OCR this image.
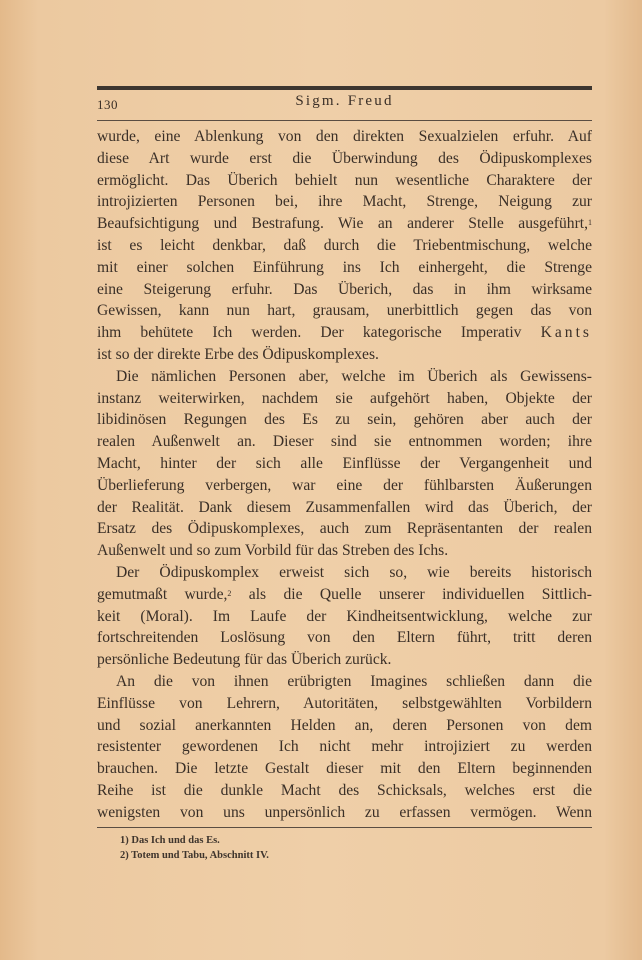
130	Sigm. Freud
wurde, eine Ablenkung von den direkten Sexualzielen erfuhr. Auf
diese Art wurde erst die Überwindung des Ödipuskomplexes
ermöglicht. Das Überich behielt nun wesentliche Charaktere der
introjizierten Personen bei, ihre Macht, Strenge, Neigung zur
Beaufsichtigung und Bestrafung. Wie an anderer Stelle ausgeführt,$^1$
ist es leicht denkbar, daß durch die Triebentmischung, welche
mit einer solchen Einführung ins Ich einhergeht, die Strenge
eine Steigerung erfuhr. Das Überich, das in ihm wirksame
Gewissen, kann nun hart, grausam, unerbittlich gegen das von
ihm behütete Ich werden. Der kategorische Imperativ Kants
ist so der direkte Erbe des Ödipuskomplexes.
Die nämlichen Personen aber, welche im Überich als Gewissens-
instanz weiterwirken, nachdem sie aufgehört haben, Objekte der
libidinösen Regungen des Es zu sein, gehören aber auch der
realen Außenwelt an. Dieser sind sie entnommen worden; ihre
Macht, hinter der sich alle Einflüsse der Vergangenheit und
Überlieferung verbergen, war eine der fühlbarsten Äußerungen
der Realität. Dank diesem Zusammenfallen wird das Überich, der
Ersatz des Ödipuskomplexes, auch zum Repräsentanten der realen
Außenwelt und so zum Vorbild für das Streben des Ichs.
Der Ödipuskomplex erweist sich so, wie bereits historisch
gemutmaßt wurde,$^2$ als die Quelle unserer individuellen Sittlich-
keit (Moral). Im Laufe der Kindheitsentwicklung, welche zur
fortschreitenden Loslösung von den Eltern führt, tritt deren
persönliche Bedeutung für das Überich zurück.
An die von ihnen erübrigten Imagines schließen dann die
Einflüsse von Lehrern, Autoritäten, selbstgewählten Vorbildern
und sozial anerkannten Helden an, deren Personen von dem
resistenter gewordenen Ich nicht mehr introjiziert zu werden
brauchen. Die letzte Gestalt dieser mit den Eltern beginnenden
Reihe ist die dunkle Macht des Schicksals, welches erst die
wenigsten von uns unpersönlich zu erfassen vermögen. Wenn
1) Das Ich und das Es.
2) Totem und Tabu, Abschnitt IV.
